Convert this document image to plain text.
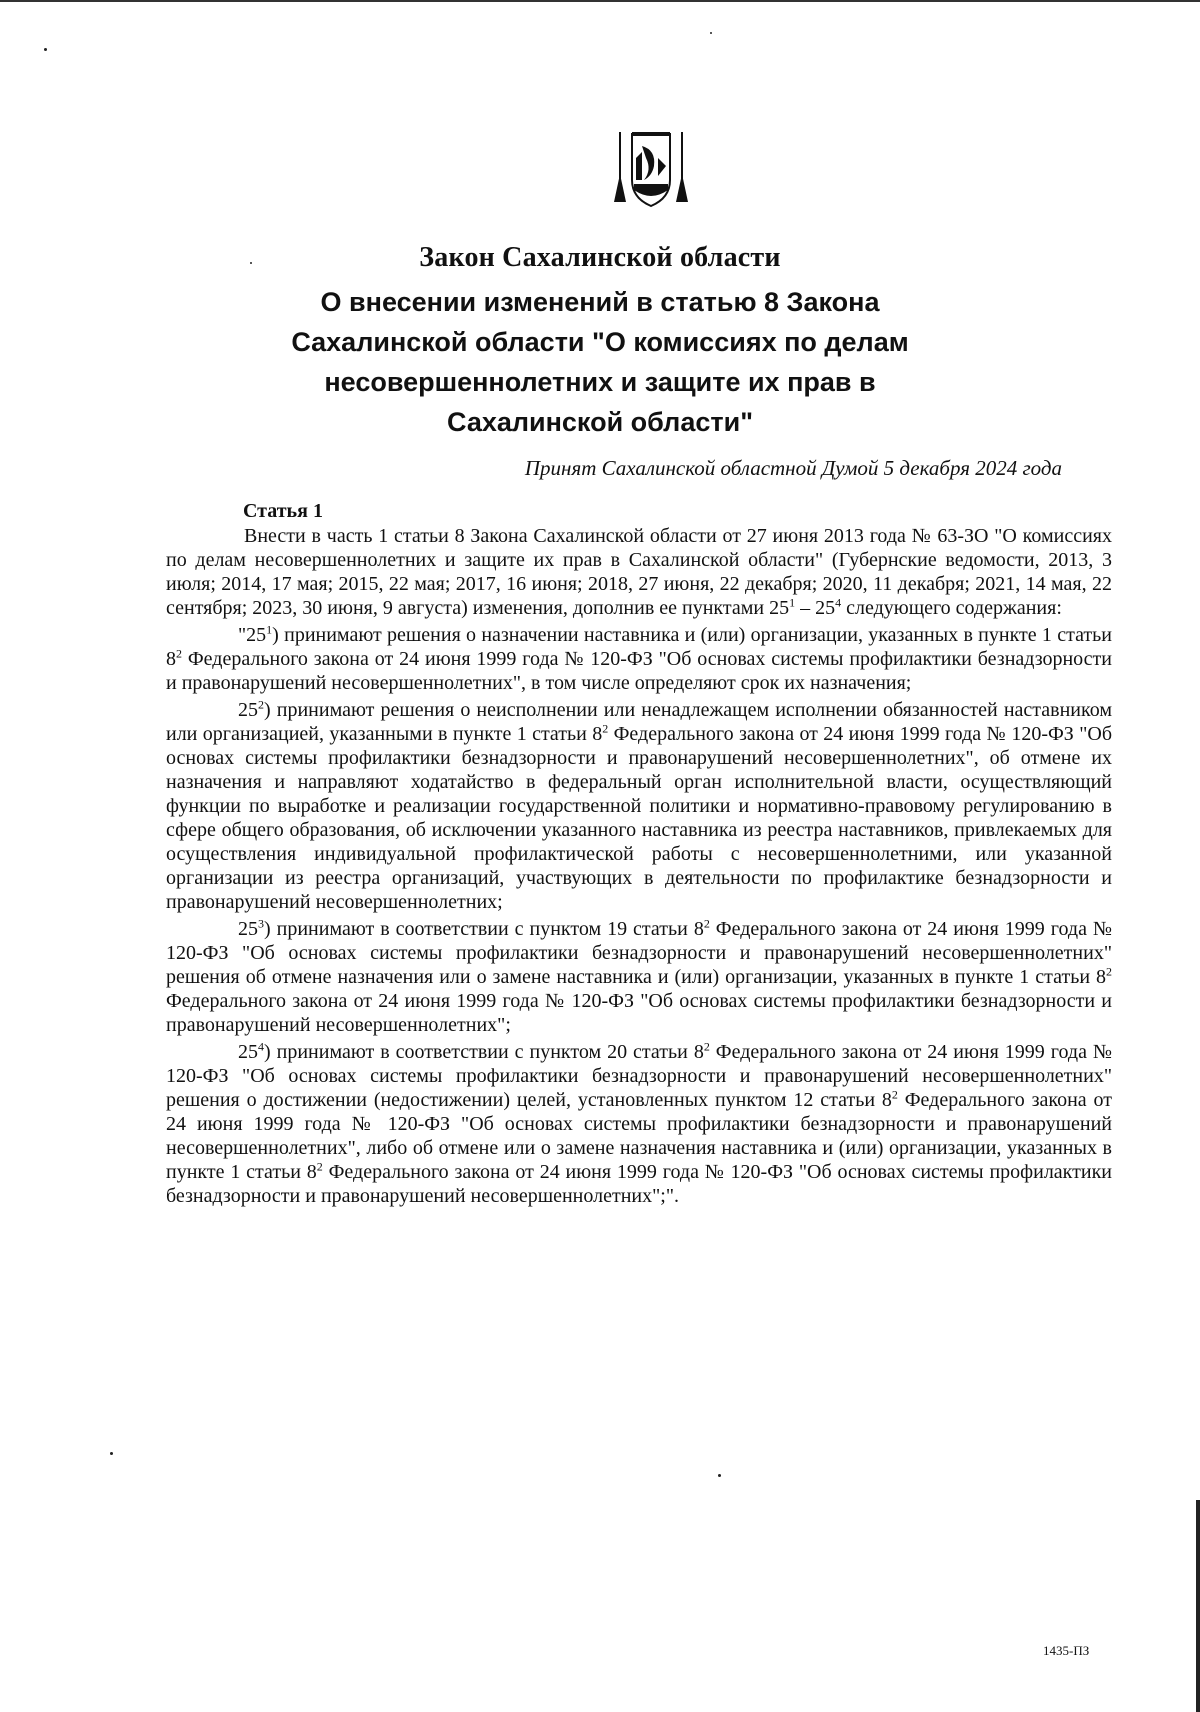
Закон Сахалинской области
О внесении изменений в статью 8 Закона
Сахалинской области "О комиссиях по делам
несовершеннолетних и защите их прав в
Сахалинской области"
Принят Сахалинской областной Думой 5 декабря 2024 года
Статья 1

Внести в часть 1 статьи 8 Закона Сахалинской области от 27 июня 2013 года № 63-ЗО "О комиссиях по делам несовершеннолетних и защите их прав в Сахалинской области" (Губернские ведомости, 2013, 3 июля; 2014, 17 мая; 2015, 22 мая; 2017, 16 июня; 2018, 27 июня, 22 декабря; 2020, 11 декабря; 2021, 14 мая, 22 сентября; 2023, 30 июня, 9 августа) изменения, дополнив ее пунктами $25^1 - 25^4$ следующего содержания:

"$25^1$) принимают решения о назначении наставника и (или) организации, указанных в пункте 1 статьи $8^2$ Федерального закона от 24 июня 1999 года № 120-ФЗ "Об основах системы профилактики безнадзорности и правонарушений несовершеннолетних", в том числе определяют срок их назначения;

$25^2$) принимают решения о неисполнении или ненадлежащем исполнении обязанностей наставником или организацией, указанными в пункте 1 статьи $8^2$ Федерального закона от 24 июня 1999 года № 120-ФЗ "Об основах системы профилактики безнадзорности и правонарушений несовершеннолетних", об отмене их назначения и направляют ходатайство в федеральный орган исполнительной власти, осуществляющий функции по выработке и реализации государственной политики и нормативно-правовому регулированию в сфере общего образования, об исключении указанного наставника из реестра наставников, привлекаемых для осуществления индивидуальной профилактической работы с несовершеннолетними, или указанной организации из реестра организаций, участвующих в деятельности по профилактике безнадзорности и правонарушений несовершеннолетних;

$25^3$) принимают в соответствии с пунктом 19 статьи $8^2$ Федерального закона от 24 июня 1999 года № 120-ФЗ "Об основах системы профилактики безнадзорности и правонарушений несовершеннолетних" решения об отмене назначения или о замене наставника и (или) организации, указанных в пункте 1 статьи $8^2$ Федерального закона от 24 июня 1999 года № 120-ФЗ "Об основах системы профилактики безнадзорности и правонарушений несовершеннолетних";

$25^4$) принимают в соответствии с пунктом 20 статьи $8^2$ Федерального закона от 24 июня 1999 года № 120-ФЗ "Об основах системы профилактики безнадзорности и правонарушений несовершеннолетних" решения о достижении (недостижении) целей, установленных пунктом 12 статьи $8^2$ Федерального закона от 24 июня 1999 года № 120-ФЗ "Об основах системы профилактики безнадзорности и правонарушений несовершеннолетних", либо об отмене или о замене назначения наставника и (или) организации, указанных в пункте 1 статьи $8^2$ Федерального закона от 24 июня 1999 года № 120-ФЗ "Об основах системы профилактики безнадзорности и правонарушений несовершеннолетних";".

1435-ПЗ
